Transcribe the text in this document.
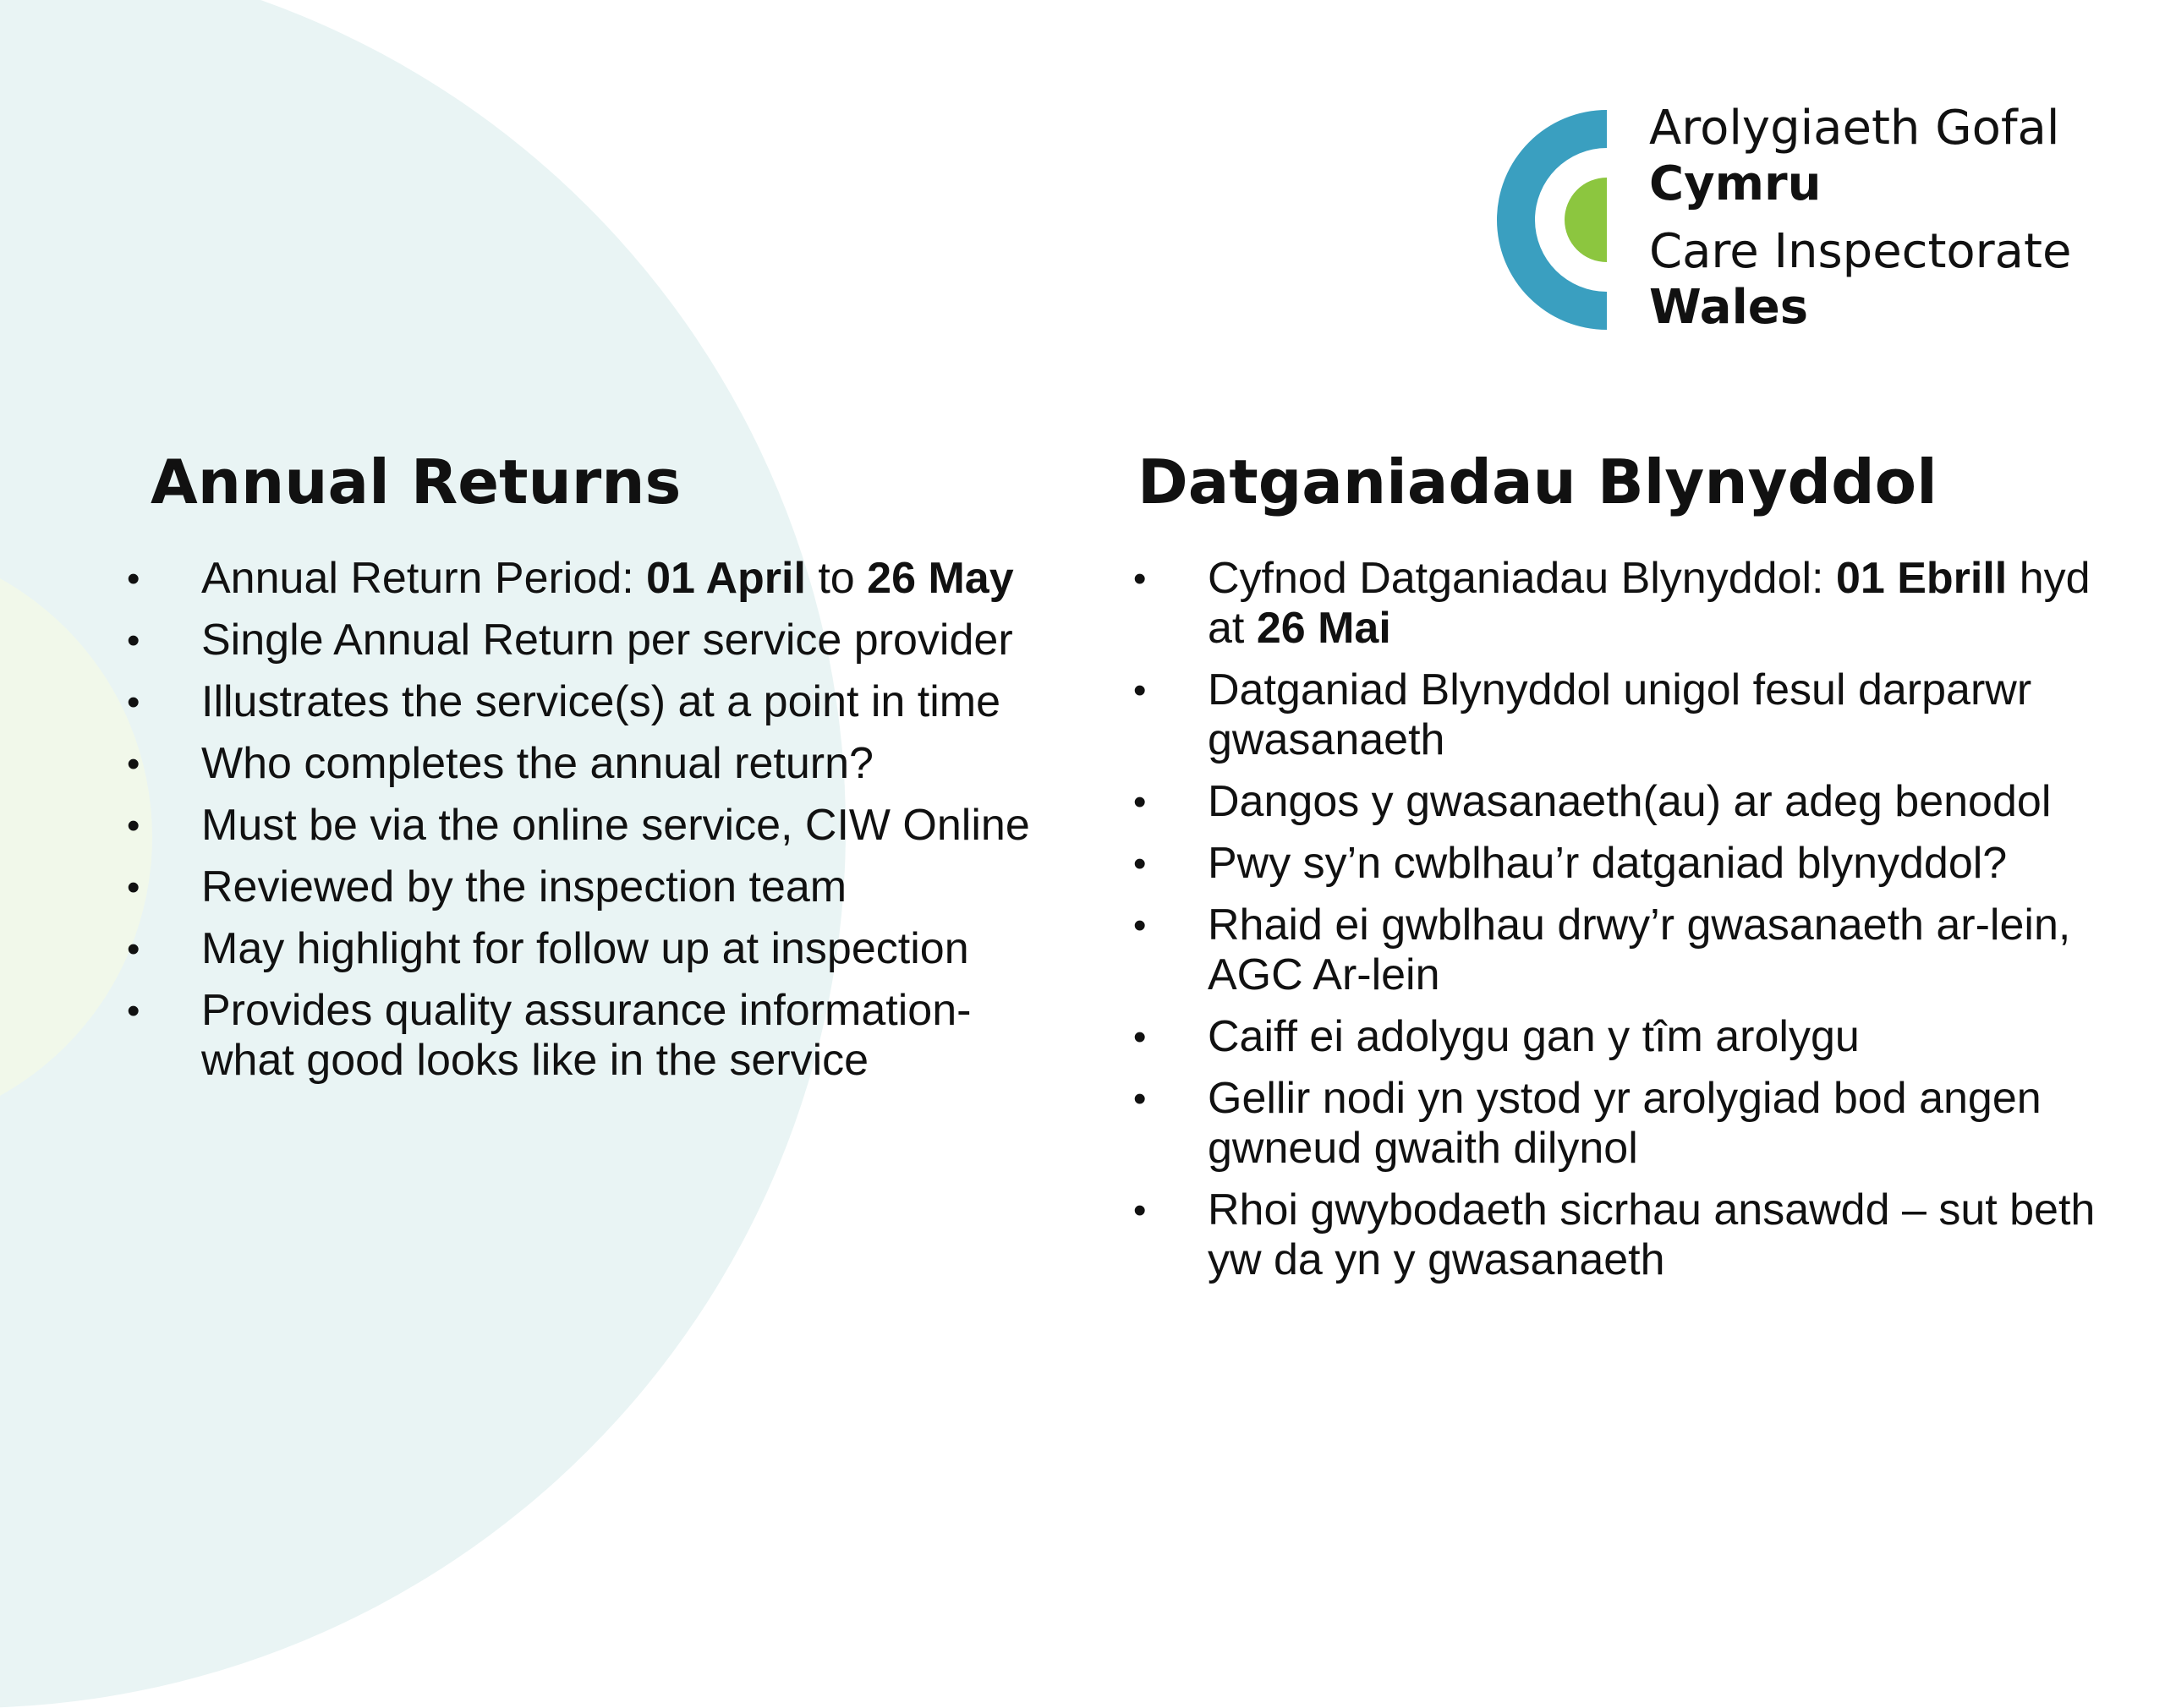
Arolygiaeth Gofal
Cymru
Care Inspectorate
Wales
Annual Returns
• Annual Return Period: 01 April to 26 May
• Single Annual Return per service provider
• Illustrates the service(s) at a point in time
• Who completes the annual return?
• Must be via the online service, CIW Online
• Reviewed by the inspection team
• May highlight for follow up at inspection
• Provides quality assurance information- what good looks like in the service
Datganiadau Blynyddol
• Cyfnod Datganiadau Blynyddol: 01 Ebrill hyd at 26 Mai
• Datganiad Blynyddol unigol fesul darparwr gwasanaeth
• Dangos y gwasanaeth(au) ar adeg benodol
• Pwy sy’n cwblhau’r datganiad blynyddol?
• Rhaid ei gwblhau drwy’r gwasanaeth ar-lein, AGC Ar-lein
• Caiff ei adolygu gan y tîm arolygu
• Gellir nodi yn ystod yr arolygiad bod angen gwneud gwaith dilynol
• Rhoi gwybodaeth sicrhau ansawdd – sut beth yw da yn y gwasanaeth
